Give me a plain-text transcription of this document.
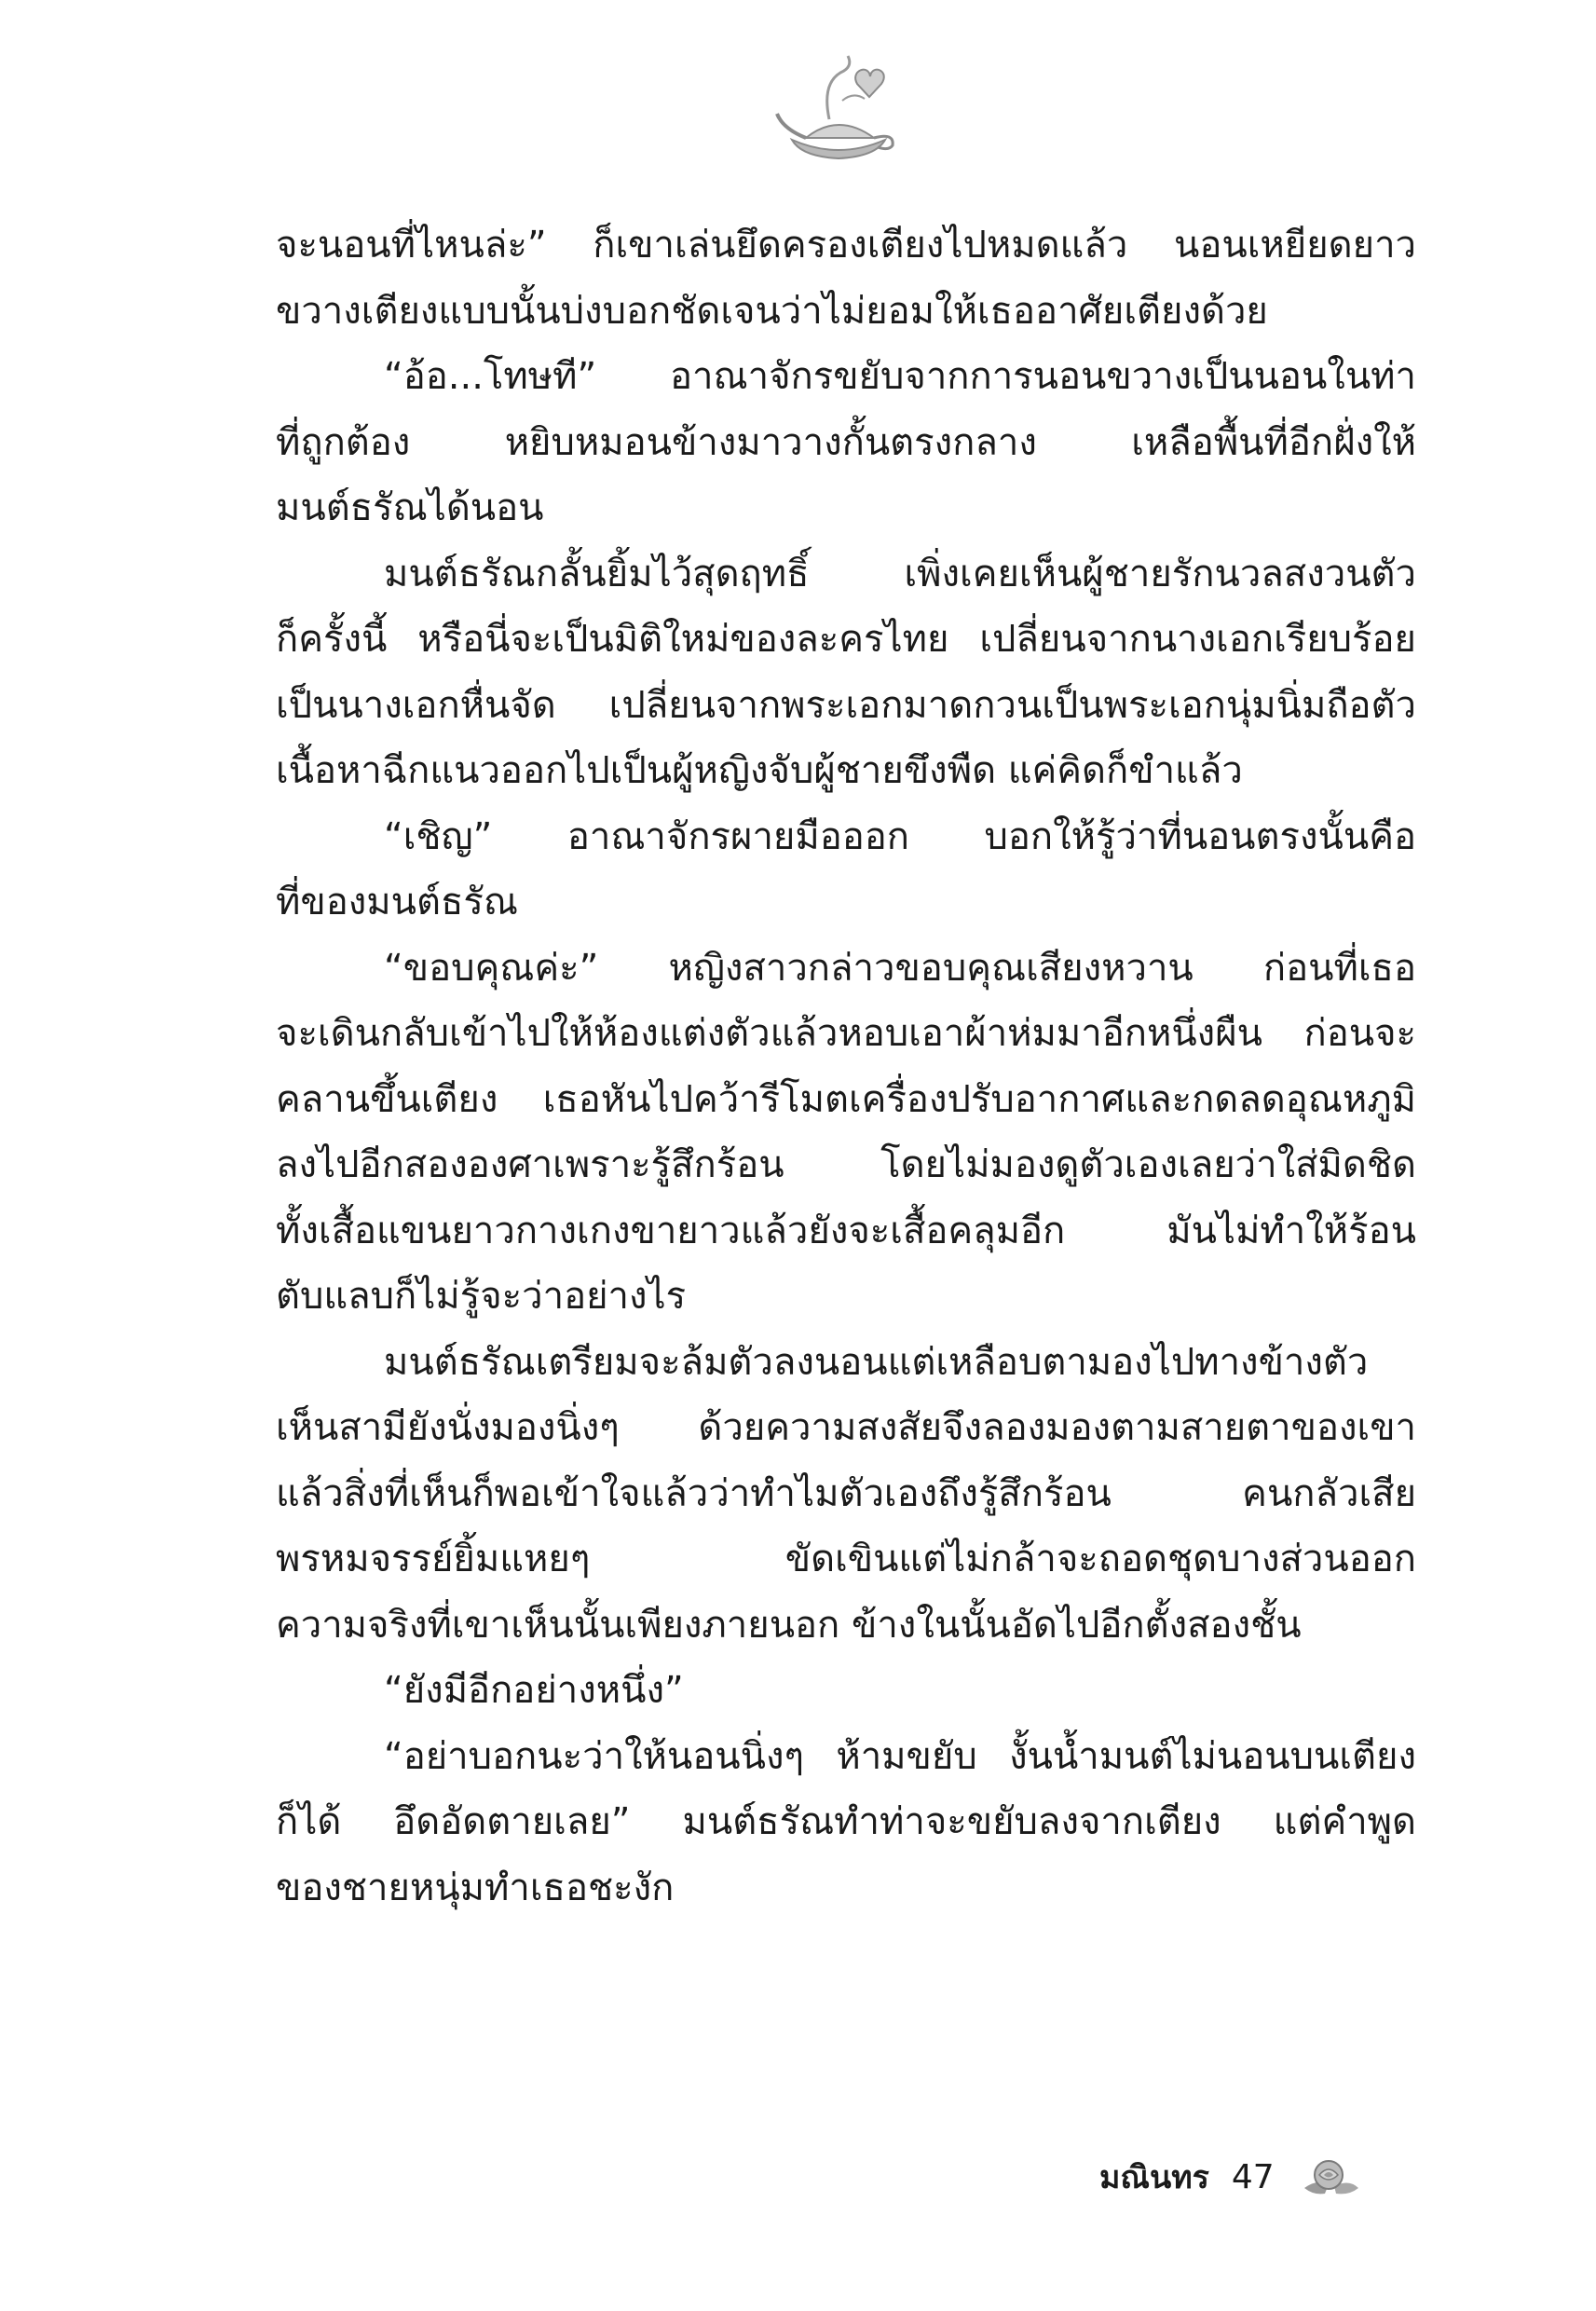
จะนอนที่ไหนล่ะ” ก็เขาเล่นยึดครองเตียงไปหมดแล้ว นอนเหยียดยาว
ขวางเตียงแบบนั้นบ่งบอกชัดเจนว่าไม่ยอมให้เธออาศัยเตียงด้วย
“อ้อ...โทษที” อาณาจักรขยับจากการนอนขวางเป็นนอนในท่า
ที่ถูกต้อง หยิบหมอนข้างมาวางกั้นตรงกลาง เหลือพื้นที่อีกฝั่งให้
มนต์ธรัณได้นอน
มนต์ธรัณกลั้นยิ้มไว้สุดฤทธิ์ เพิ่งเคยเห็นผู้ชายรักนวลสงวนตัว
ก็ครั้งนี้ หรือนี่จะเป็นมิติใหม่ของละครไทย เปลี่ยนจากนางเอกเรียบร้อย
เป็นนางเอกหื่นจัด เปลี่ยนจากพระเอกมาดกวนเป็นพระเอกนุ่มนิ่มถือตัว
เนื้อหาฉีกแนวออกไปเป็นผู้หญิงจับผู้ชายขึงพืด แค่คิดก็ขำแล้ว
“เชิญ” อาณาจักรผายมือออก บอกให้รู้ว่าที่นอนตรงนั้นคือ
ที่ของมนต์ธรัณ
“ขอบคุณค่ะ” หญิงสาวกล่าวขอบคุณเสียงหวาน ก่อนที่เธอ
จะเดินกลับเข้าไปให้ห้องแต่งตัวแล้วหอบเอาผ้าห่มมาอีกหนึ่งผืน ก่อนจะ
คลานขึ้นเตียง เธอหันไปคว้ารีโมตเครื่องปรับอากาศและกดลดอุณหภูมิ
ลงไปอีกสององศาเพราะรู้สึกร้อน โดยไม่มองดูตัวเองเลยว่าใส่มิดชิด
ทั้งเสื้อแขนยาวกางเกงขายาวแล้วยังจะเสื้อคลุมอีก มันไม่ทำให้ร้อน
ตับแลบก็ไม่รู้จะว่าอย่างไร
มนต์ธรัณเตรียมจะล้มตัวลงนอนแต่เหลือบตามองไปทางข้างตัว
เห็นสามียังนั่งมองนิ่งๆ ด้วยความสงสัยจึงลองมองตามสายตาของเขา
แล้วสิ่งที่เห็นก็พอเข้าใจแล้วว่าทำไมตัวเองถึงรู้สึกร้อน คนกลัวเสีย
พรหมจรรย์ยิ้มแหยๆ ขัดเขินแต่ไม่กล้าจะถอดชุดบางส่วนออก
ความจริงที่เขาเห็นนั้นเพียงภายนอก ข้างในนั้นอัดไปอีกตั้งสองชั้น
“ยังมีอีกอย่างหนึ่ง”
“อย่าบอกนะว่าให้นอนนิ่งๆ ห้ามขยับ งั้นน้ำมนต์ไม่นอนบนเตียง
ก็ได้ อึดอัดตายเลย” มนต์ธรัณทำท่าจะขยับลงจากเตียง แต่คำพูด
ของชายหนุ่มทำเธอชะงัก
มณินทร 47
